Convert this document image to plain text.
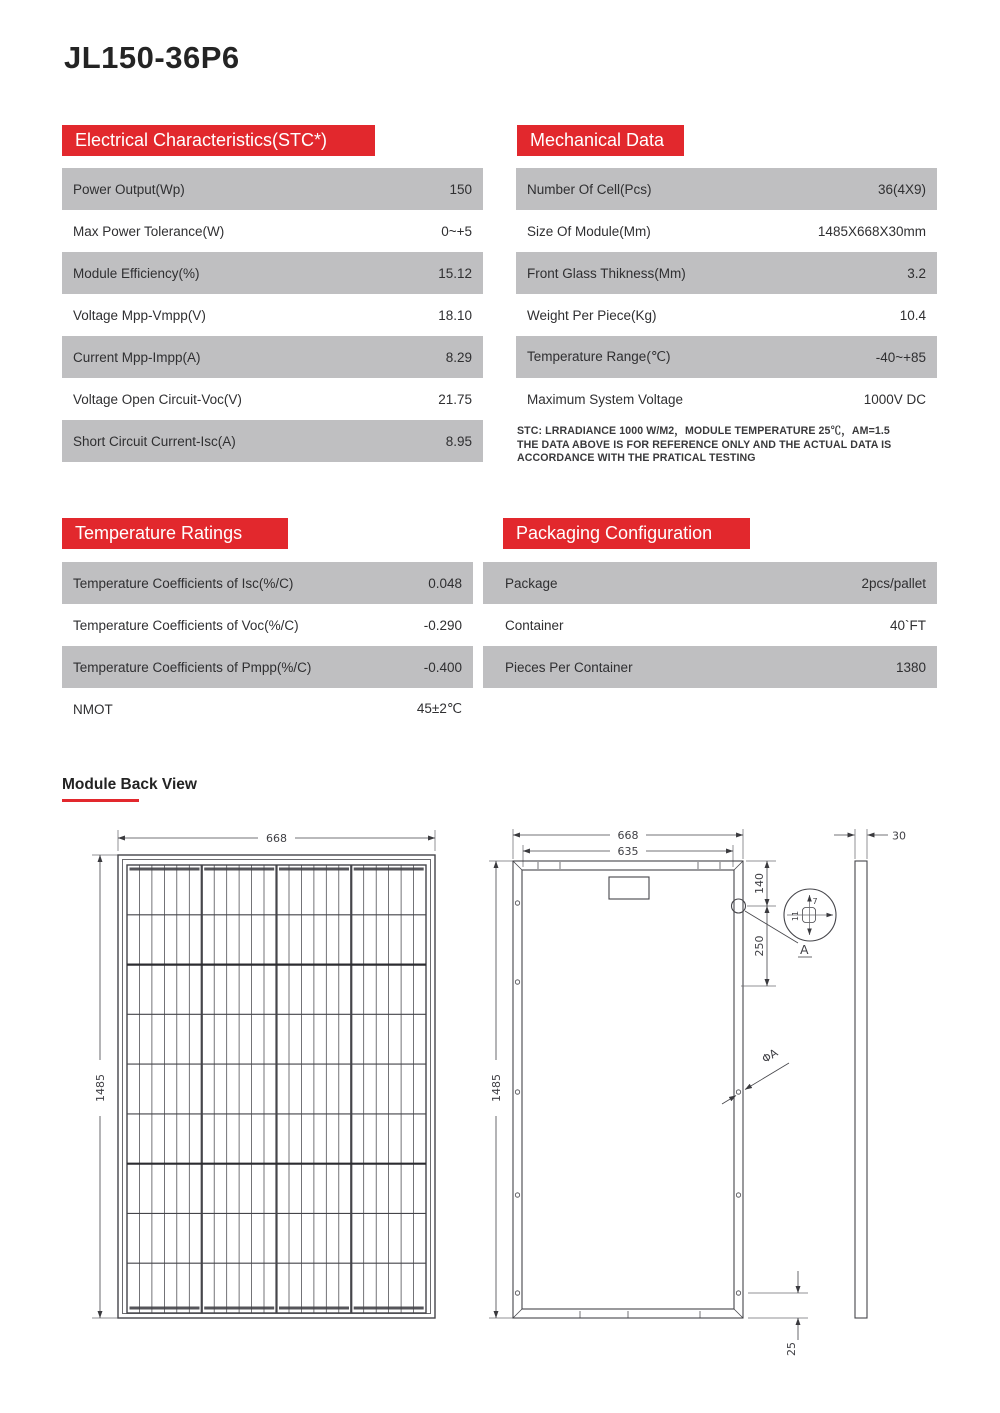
JL150-36P6
Electrical Characteristics(STC*)
Power Output(Wp)	150
Max Power Tolerance(W)	0~+5
Module Efficiency(%)	15.12
Voltage Mpp-Vmpp(V)	18.10
Current Mpp-Impp(A)	8.29
Voltage Open Circuit-Voc(V)	21.75
Short Circuit Current-Isc(A)	8.95
Mechanical Data
Number Of Cell(Pcs)	36(4X9)
Size Of Module(Mm)	1485X668X30mm
Front Glass Thikness(Mm)	3.2
Weight Per Piece(Kg)	10.4
Temperature Range(℃)	-40~+85
Maximum System Voltage	1000V DC
STC: LRRADIANCE 1000 W/M2，MODULE TEMPERATURE 25℃，AM=1.5
THE DATA ABOVE IS FOR REFERENCE ONLY AND THE ACTUAL DATA IS
ACCORDANCE WITH THE PRATICAL TESTING
Temperature Ratings
Temperature Coefficients of Isc(%/C)	0.048
Temperature Coefficients of Voc(%/C)	-0.290
Temperature Coefficients of Pmpp(%/C)	-0.400
NMOT	45±2℃
Packaging Configuration
Package	2pcs/pallet
Container	40`FT
Pieces Per Container	1380
Module Back View
668
1485
668
635
1485
140
250	A
7
11
ΦA
25
30
